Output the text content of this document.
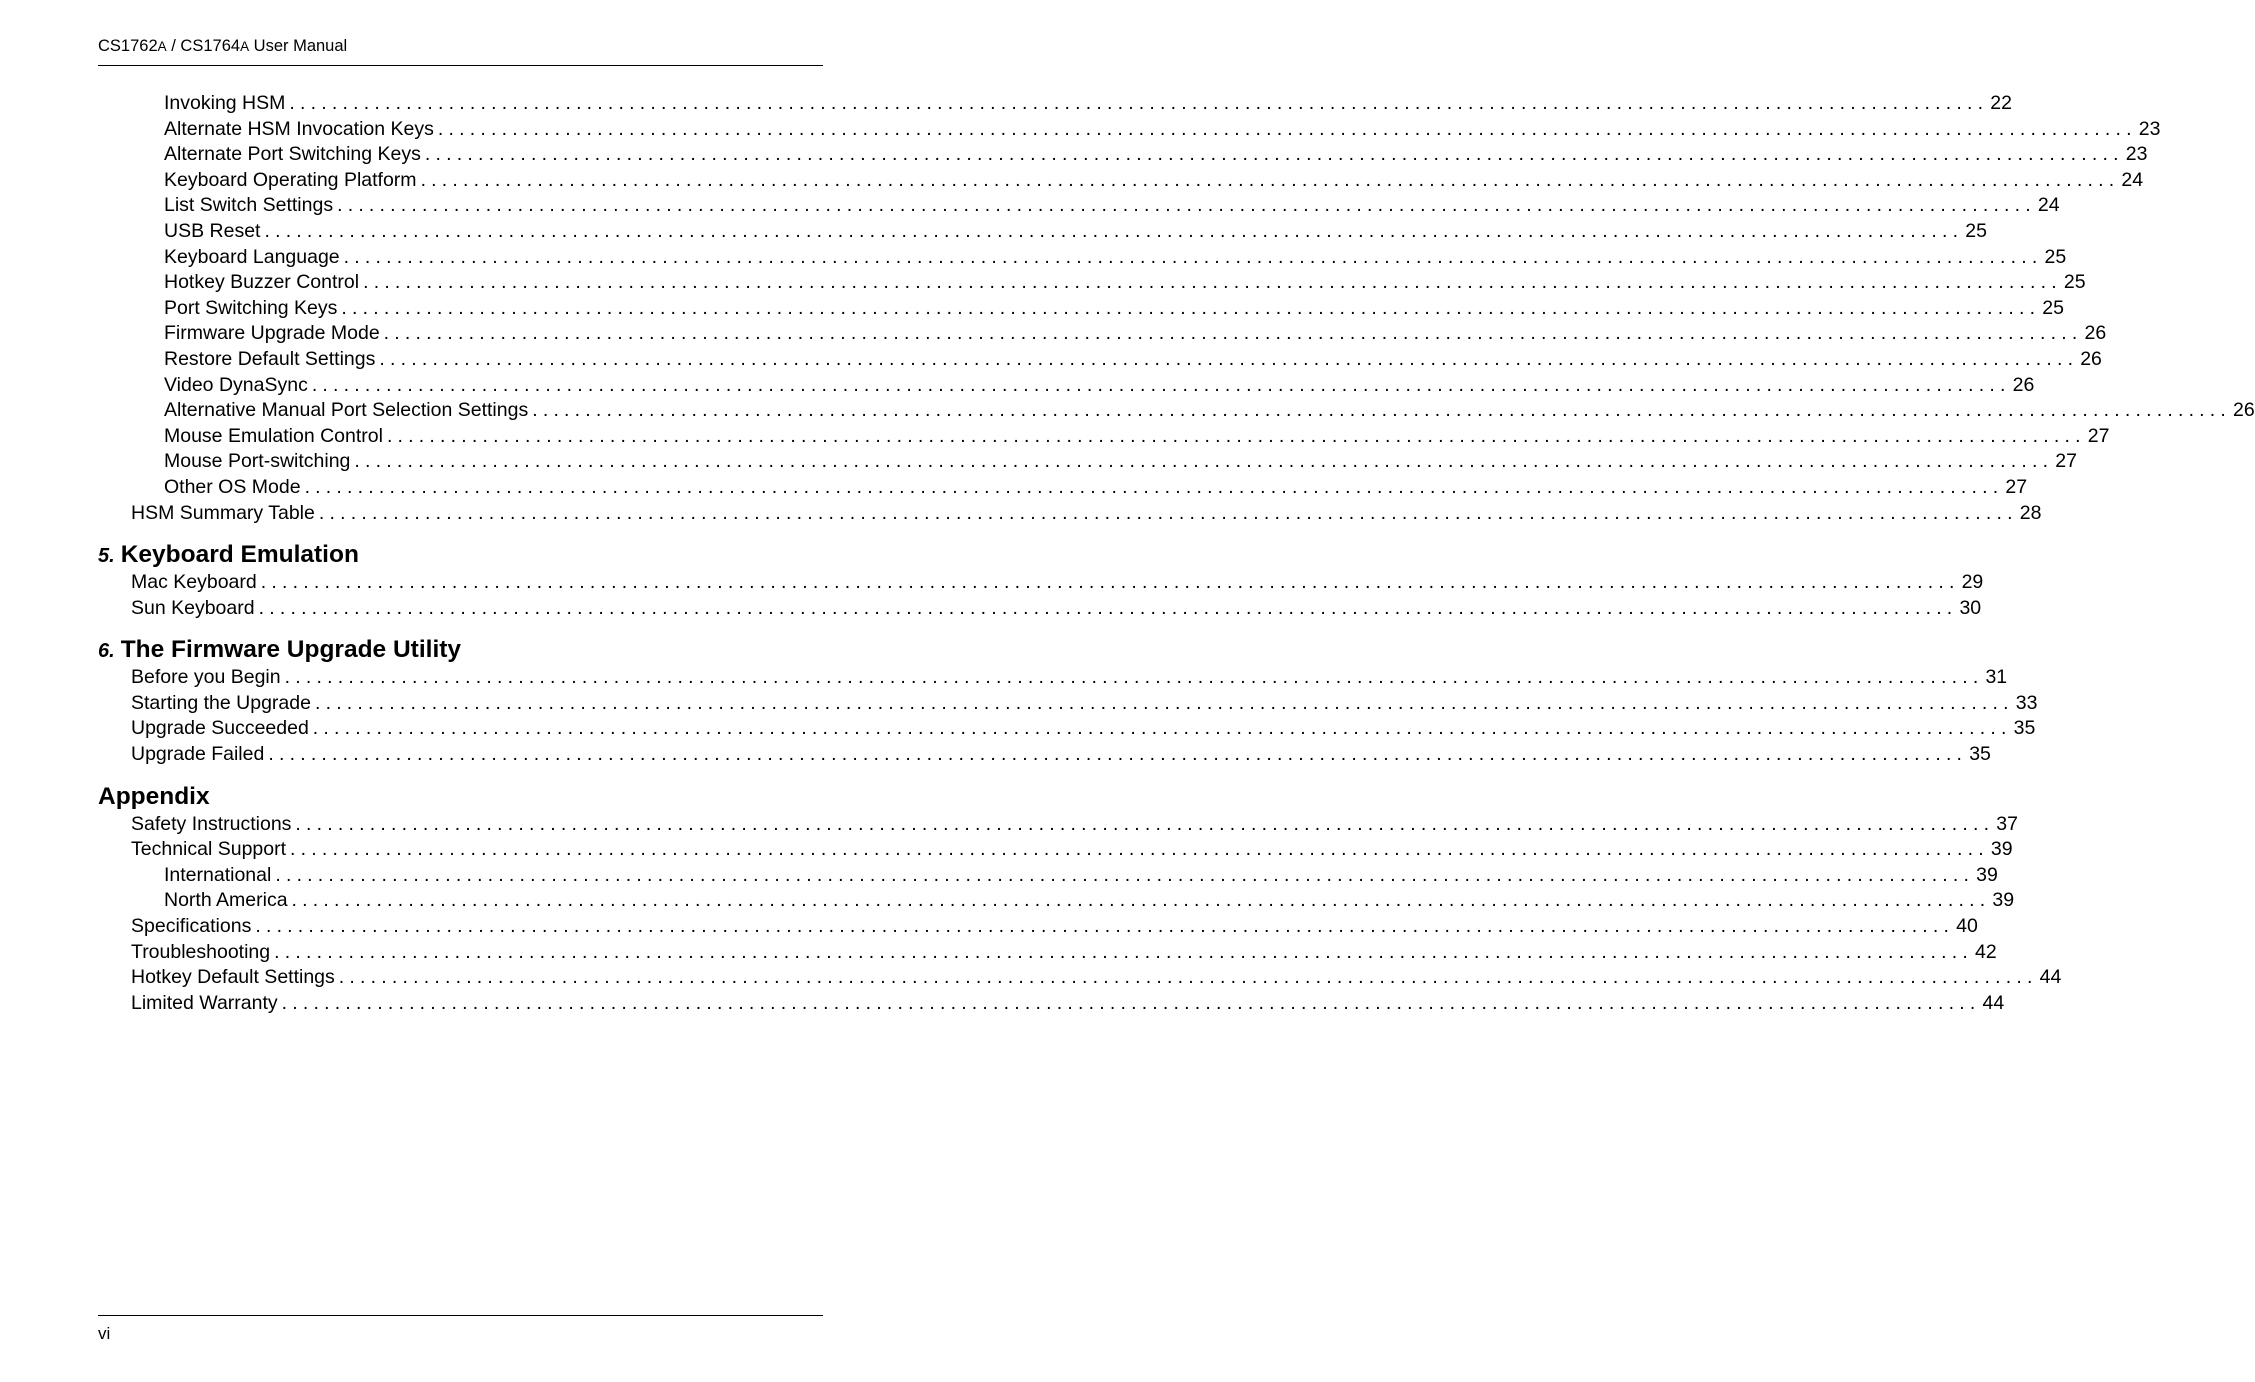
CS1762A / CS1764A User Manual
Invoking HSM ................................................................................................................................................................ 22
Alternate HSM Invocation Keys ................................................................................................................................................................ 23
Alternate Port Switching Keys ................................................................................................................................................................ 23
Keyboard Operating Platform ................................................................................................................................................................ 24
List Switch Settings ................................................................................................................................................................ 24
USB Reset ................................................................................................................................................................ 25
Keyboard Language ................................................................................................................................................................ 25
Hotkey Buzzer Control ................................................................................................................................................................ 25
Port Switching Keys ................................................................................................................................................................ 25
Firmware Upgrade Mode ................................................................................................................................................................ 26
Restore Default Settings ................................................................................................................................................................ 26
Video DynaSync ................................................................................................................................................................ 26
Alternative Manual Port Selection Settings ................................................................................................................................................................ 26
Mouse Emulation Control ................................................................................................................................................................ 27
Mouse Port-switching ................................................................................................................................................................ 27
Other OS Mode ................................................................................................................................................................ 27
HSM Summary Table ................................................................................................................................................................ 28
5. Keyboard Emulation
Mac Keyboard ................................................................................................................................................................ 29
Sun Keyboard ................................................................................................................................................................ 30
6. The Firmware Upgrade Utility
Before you Begin ................................................................................................................................................................ 31
Starting the Upgrade ................................................................................................................................................................ 33
Upgrade Succeeded ................................................................................................................................................................ 35
Upgrade Failed ................................................................................................................................................................ 35
Appendix
Safety Instructions ................................................................................................................................................................ 37
Technical Support ................................................................................................................................................................ 39
International ................................................................................................................................................................ 39
North America ................................................................................................................................................................ 39
Specifications ................................................................................................................................................................ 40
Troubleshooting ................................................................................................................................................................ 42
Hotkey Default Settings ................................................................................................................................................................ 44
Limited Warranty ................................................................................................................................................................ 44
vi
